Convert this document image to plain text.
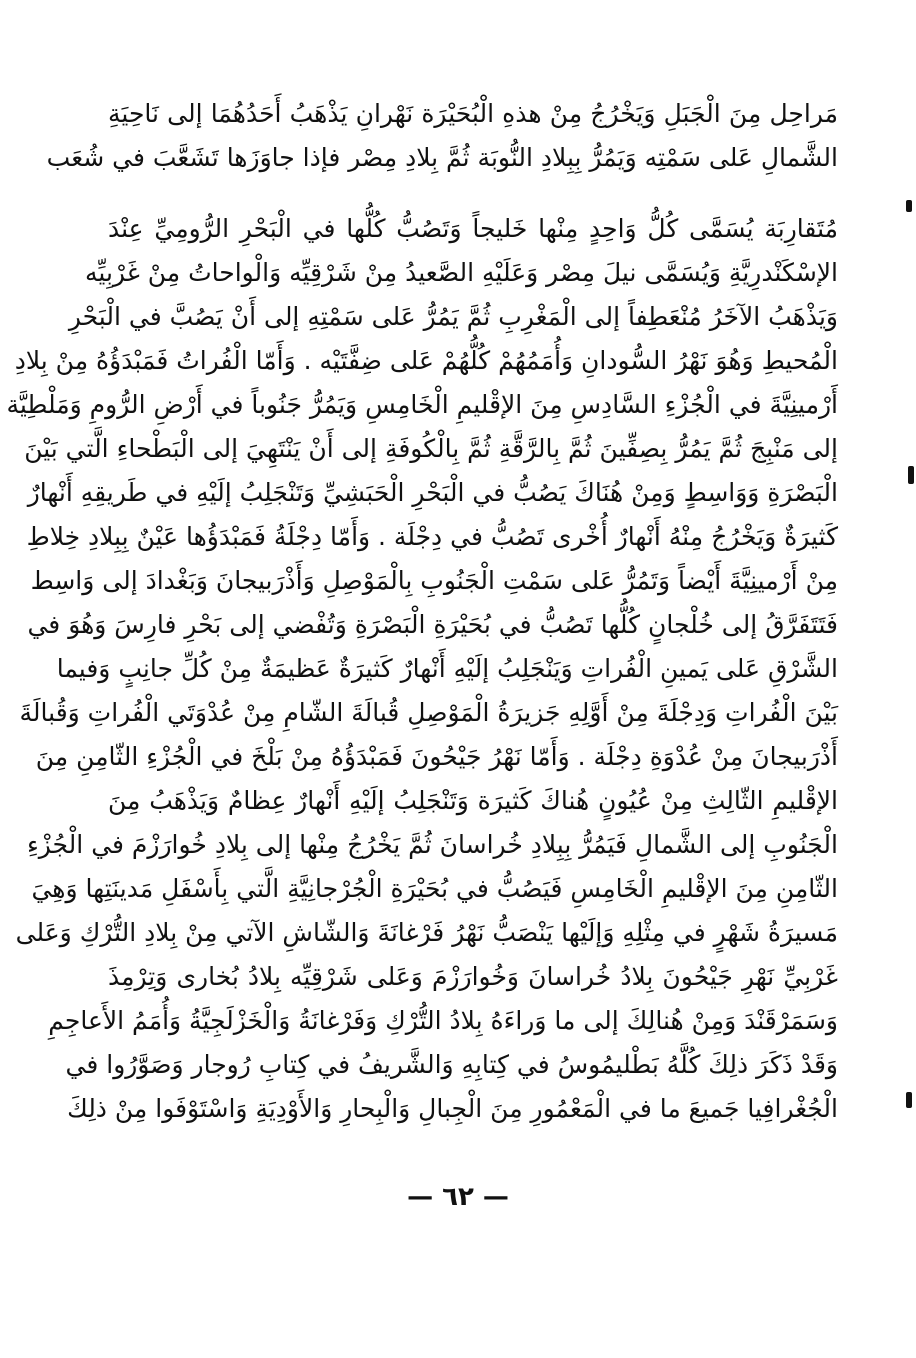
مَراحِل مِنَ الْجَبَلِ وَيَخْرُجُ مِنْ هذهِ الْبُحَيْرَة نَهْرانِ يَذْهَبُ أَحَدُهُمَا إلى نَاحِيَةِ
الشَّمالِ عَلى سَمْتِه وَيَمُرُّ بِبِلادِ النُّوبَة ثُمَّ بِلادِ مِصْر فإذا جاوَزَها تَشَعَّبَ في شُعَب
مُتَقارِبَة يُسَمَّى كُلُّ وَاحِدٍ مِنْها خَليجاً وَتَصُبُّ كُلُّها في الْبَحْرِ الرُّومِيِّ عِنْدَ
الإسْكَنْدرِيَّةِ وَيُسَمَّى نيلَ مِصْر وَعَلَيْهِ الصَّعيدُ مِنْ شَرْقِيِّه وَالْواحاتُ مِنْ غَرْبِيِّه
وَيَذْهَبُ الآخَرُ مُنْعَطِفاً إلى الْمَغْرِبِ ثُمَّ يَمُرُّ عَلى سَمْتِهِ إلى أَنْ يَصُبَّ في الْبَحْرِ
الْمُحيطِ وَهُوَ نَهْرُ السُّودانِ وَأُمَمُهُمْ كُلُّهُمْ عَلى ضِفَّتَيْه . وَأَمّا الْفُراتُ فَمَبْدَؤُهُ مِنْ بِلادِ
أَرْمينِيَّةَ في الْجُزْءِ السَّادِسِ مِنَ الإقْليمِ الْخَامِسِ وَيَمُرُّ جَنُوباً في أَرْضِ الرُّومِ وَمَلْطِيَّة
إلى مَنْبِجَ ثُمَّ يَمُرُّ بِصِفِّينَ ثُمَّ بِالرَّقَّةِ ثُمَّ بِالْكُوفَةِ إلى أَنْ يَنْتَهِيَ إلى الْبَطْحاءِ الَّتي بَيْنَ
الْبَصْرَةِ وَوَاسِطٍ وَمِنْ هُنَاكَ يَصُبُّ في الْبَحْرِ الْحَبَشِيِّ وَتَنْجَلِبُ إلَيْهِ في طَريقِهِ أَنْهارٌ
كَثيرَةٌ وَيَخْرُجُ مِنْهُ أَنْهارٌ أُخْرى تَصُبُّ في دِجْلَة . وَأَمّا دِجْلَةُ فَمَبْدَؤُها عَيْنٌ بِبِلادِ خِلاطِ
مِنْ أَرْمينِيَّةَ أَيْضاً وَتَمُرُّ عَلى سَمْتِ الْجَنُوبِ بِالْمَوْصِلِ وَأَذْرَبيجانَ وَبَغْدادَ إلى وَاسِط
فَتَتَفَرَّقُ إلى خُلْجانٍ كُلُّها تَصُبُّ في بُحَيْرَةِ الْبَصْرَةِ وَتُفْضي إلى بَحْرِ فارِسَ وَهُوَ في
الشَّرْقِ عَلى يَمينِ الْفُراتِ وَيَنْجَلِبُ إلَيْهِ أَنْهارٌ كَثيرَةٌ عَظيمَةٌ مِنْ كُلِّ جانِبٍ وَفيما
بَيْنَ الْفُراتِ وَدِجْلَةَ مِنْ أَوَّلِهِ جَزيرَةُ الْمَوْصِلِ قُبالَةَ الشّامِ مِنْ عُدْوَتَي الْفُراتِ وَقُبالَةَ
أَذْرَبيجانَ مِنْ عُدْوَةِ دِجْلَة . وَأَمّا نَهْرُ جَيْحُونَ فَمَبْدَؤُهُ مِنْ بَلْخَ في الْجُزْءِ الثّامِنِ مِنَ
الإقْليمِ الثّالِثِ مِنْ عُيُونٍ هُناكَ كَثيرَة وَتَنْجَلِبُ إلَيْهِ أَنْهارٌ عِظامٌ وَيَذْهَبُ مِنَ
الْجَنُوبِ إلى الشَّمالِ فَيَمُرُّ بِبِلادِ خُراسانَ ثُمَّ يَخْرُجُ مِنْها إلى بِلادِ خُوارَزْمَ في الْجُزْءِ
الثّامِنِ مِنَ الإقْليمِ الْخَامِسِ فَيَصُبُّ في بُحَيْرَةِ الْجُرْجانِيَّةِ الَّتي بِأَسْفَلِ مَدينَتِها وَهِيَ
مَسيرَةُ شَهْرٍ في مِثْلِهِ وَإلَيْها يَنْصَبُّ نَهْرُ فَرْغانَةَ وَالشّاشِ الآتي مِنْ بِلادِ التُّرْكِ وَعَلى
غَرْبِيِّ نَهْرِ جَيْحُونَ بِلادُ خُراسانَ وَخُوارَزْمَ وَعَلى شَرْقِيِّه بِلادُ بُخارى وَتِرْمِذَ
وَسَمَرْقَنْدَ وَمِنْ هُنالِكَ إلى ما وَراءَهُ بِلادُ التُّرْكِ وَفَرْغانَةُ وَالْخَزْلَجِيَّةُ وَأُمَمُ الأَعاجِمِ
وَقَدْ ذَكَرَ ذلِكَ كُلَّهُ بَطْليمُوسُ في كِتابِهِ وَالشَّريفُ في كِتابِ رُوجار وَصَوَّرُوا في
الْجُغْرافِيا جَميعَ ما في الْمَعْمُورِ مِنَ الْجِبالِ وَالْبِحارِ وَالأَوْدِيَةِ وَاسْتَوْفَوا مِنْ ذلِكَ
— ٦٢ —
